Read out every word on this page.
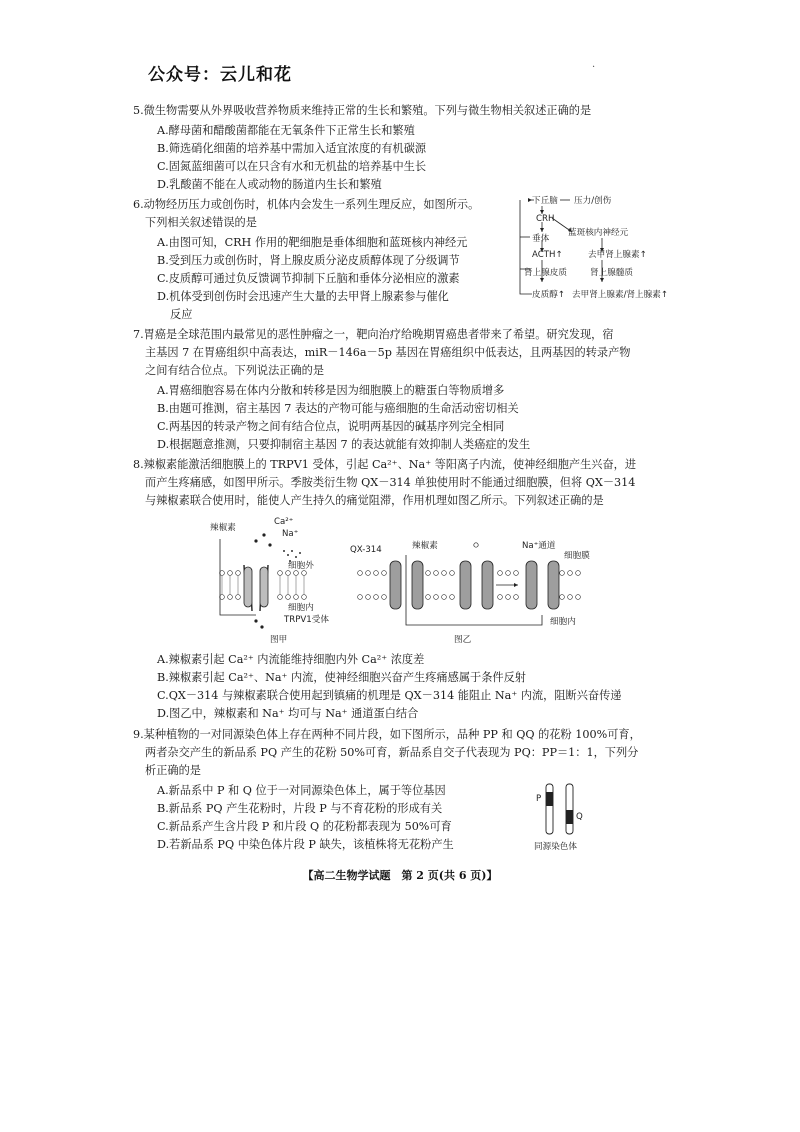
公众号：云儿和花	·
5.微生物需要从外界吸收营养物质来维持正常的生长和繁殖。下列与微生物相关叙述正确的是
A.酵母菌和醋酸菌都能在无氧条件下正常生长和繁殖
B.筛选硝化细菌的培养基中需加入适宜浓度的有机碳源
C.固氮蓝细菌可以在只含有水和无机盐的培养基中生长
D.乳酸菌不能在人或动物的肠道内生长和繁殖
6.动物经历压力或创伤时，机体内会发生一系列生理反应，如图所示。
下列相关叙述错误的是
A.由图可知，CRH 作用的靶细胞是垂体细胞和蓝斑核内神经元
B.受到压力或创伤时，肾上腺皮质分泌皮质醇体现了分级调节
C.皮质醇可通过负反馈调节抑制下丘脑和垂体分泌相应的激素
D.机体受到创伤时会迅速产生大量的去甲肾上腺素参与催化
反应
下丘脑 压力/创伤
CRH
垂体
蓝斑核内神经元
ACTH↑	去甲肾上腺素↑
肾上腺皮质	肾上腺髓质
皮质醇↑ 去甲肾上腺素/肾上腺素↑
7.胃癌是全球范围内最常见的恶性肿瘤之一，靶向治疗给晚期胃癌患者带来了希望。研究发现，宿
主基因 7 在胃癌组织中高表达，miR－146a－5p 基因在胃癌组织中低表达，且两基因的转录产物
之间有结合位点。下列说法正确的是
A.胃癌细胞容易在体内分散和转移是因为细胞膜上的糖蛋白等物质增多
B.由题可推测，宿主基因 7 表达的产物可能与癌细胞的生命活动密切相关
C.两基因的转录产物之间有结合位点，说明两基因的碱基序列完全相同
D.根据题意推测，只要抑制宿主基因 7 的表达就能有效抑制人类癌症的发生
8.辣椒素能激活细胞膜上的 TRPV1 受体，引起 Ca²⁺、Na⁺ 等阳离子内流，使神经细胞产生兴奋，进
而产生疼痛感，如图甲所示。季胺类衍生物 QX－314 单独使用时不能通过细胞膜，但将 QX－314
与辣椒素联合使用时，能使人产生持久的痛觉阻滞，作用机理如图乙所示。下列叙述正确的是
辣椒素
Ca²⁺
Na⁺
细胞外
细胞内
TRPV1受体
图甲
QX-314	辣椒素	Na⁺通道
细胞膜
细胞内
图乙
A.辣椒素引起 Ca²⁺ 内流能维持细胞内外 Ca²⁺ 浓度差
B.辣椒素引起 Ca²⁺、Na⁺ 内流，使神经细胞兴奋产生疼痛感属于条件反射
C.QX－314 与辣椒素联合使用起到镇痛的机理是 QX－314 能阻止 Na⁺ 内流，阻断兴奋传递
D.图乙中，辣椒素和 Na⁺ 均可与 Na⁺ 通道蛋白结合
9.某种植物的一对同源染色体上存在两种不同片段，如下图所示，品种 PP 和 QQ 的花粉 100%可育，
两者杂交产生的新品系 PQ 产生的花粉 50%可育，新品系自交子代表现为 PQ：PP＝1：1，下列分
析正确的是
A.新品系中 P 和 Q 位于一对同源染色体上，属于等位基因
B.新品系 PQ 产生花粉时，片段 P 与不育花粉的形成有关
C.新品系产生含片段 P 和片段 Q 的花粉都表现为 50%可育
D.若新品系 PQ 中染色体片段 P 缺失，该植株将无花粉产生
P
Q
同源染色体
【高二生物学试题　第 2 页(共 6 页)】
